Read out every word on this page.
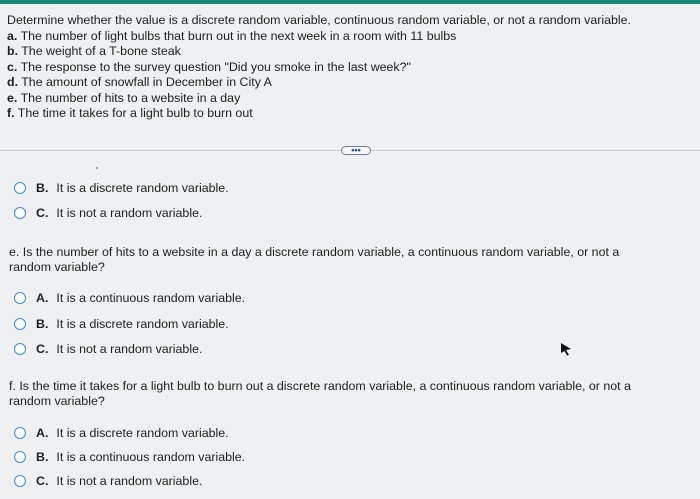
Determine whether the value is a discrete random variable, continuous random variable, or not a random variable.
a. The number of light bulbs that burn out in the next week in a room with 11 bulbs
b. The weight of a T-bone steak
c. The response to the survey question "Did you smoke in the last week?"
d. The amount of snowfall in December in City A
e. The number of hits to a website in a day
f. The time it takes for a light bulb to burn out
•••
B. It is a discrete random variable.
C. It is not a random variable.
e. Is the number of hits to a website in a day a discrete random variable, a continuous random variable, or not a random variable?
A. It is a continuous random variable.
B. It is a discrete random variable.
C. It is not a random variable.
f. Is the time it takes for a light bulb to burn out a discrete random variable, a continuous random variable, or not a random variable?
A. It is a discrete random variable.
B. It is a continuous random variable.
C. It is not a random variable.
